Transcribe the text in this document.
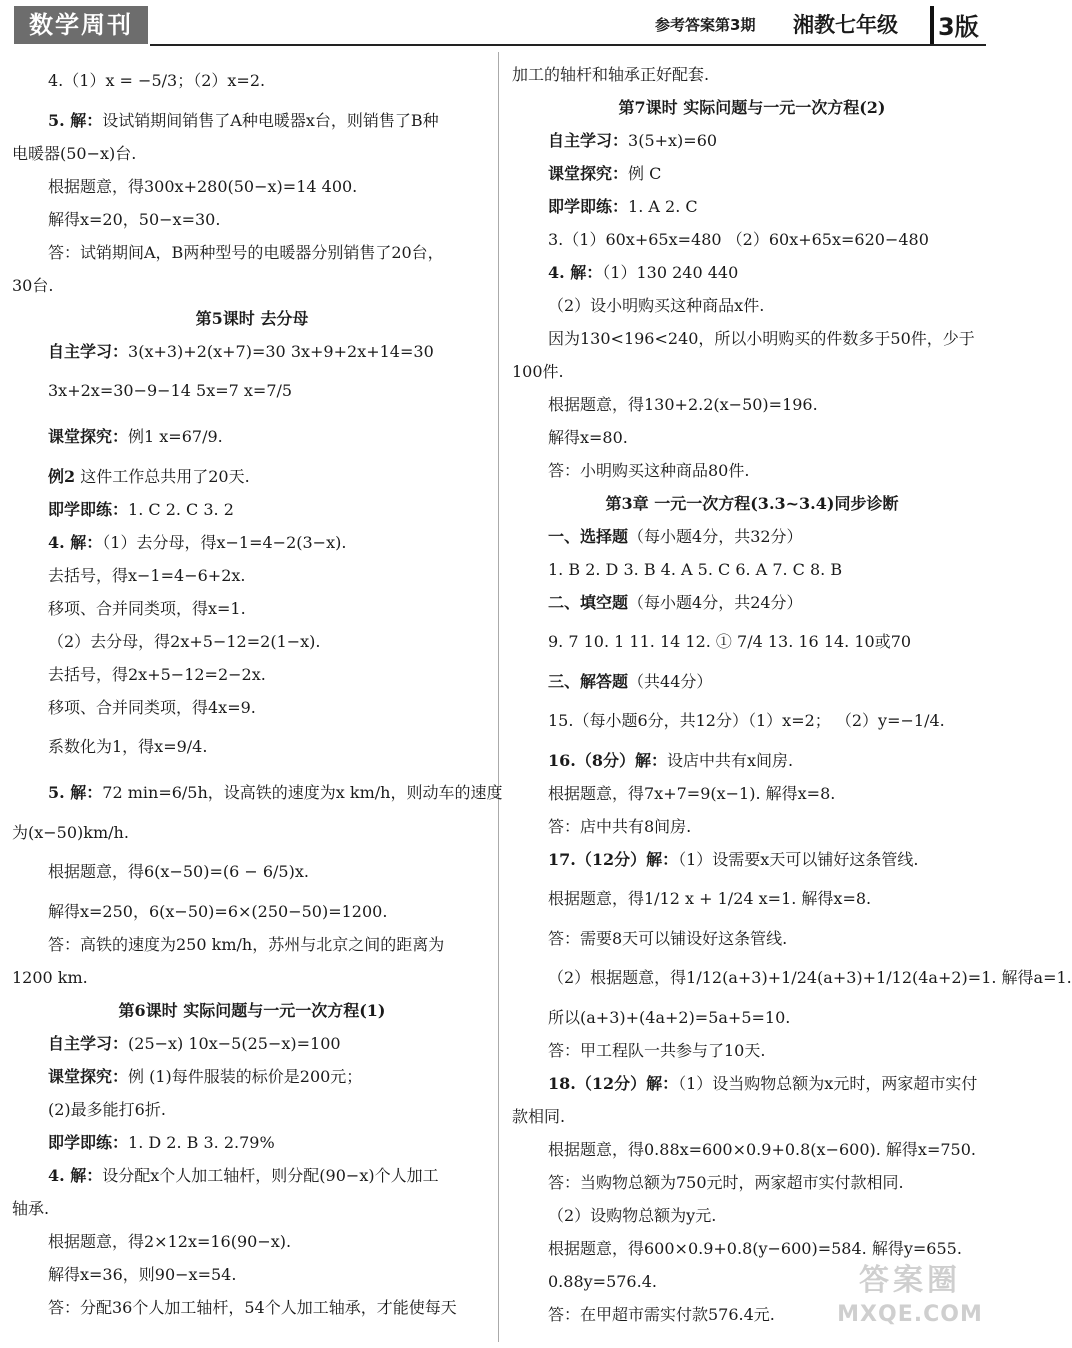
数学周刊	参考答案第3期 湘教七年级 3版
4.（1）x = −5/3；（2）x=2.
5. 解：设试销期间销售了A种电暖器x台，则销售了B种
电暖器(50−x)台.
根据题意，得300x+280(50−x)=14 400.
解得x=20，50−x=30.
答：试销期间A，B两种型号的电暖器分别销售了20台，
30台.
第5课时 去分母
自主学习：3(x+3)+2(x+7)=30 3x+9+2x+14=30
3x+2x=30−9−14 5x=7 x=7/5
课堂探究：例1 x=67/9.
例2 这件工作总共用了20天.
即学即练：1. C 2. C 3. 2
4. 解：（1）去分母，得x−1=4−2(3−x).
去括号，得x−1=4−6+2x.
移项、合并同类项，得x=1.
（2）去分母，得2x+5−12=2(1−x).
去括号，得2x+5−12=2−2x.
移项、合并同类项，得4x=9.
系数化为1，得x=9/4.
5. 解：72 min=6/5h，设高铁的速度为x km/h，则动车的速度
为(x−50)km/h.
根据题意，得6(x−50)=(6 − 6/5)x.
解得x=250，6(x−50)=6×(250−50)=1200.
答：高铁的速度为250 km/h，苏州与北京之间的距离为
1200 km.
第6课时 实际问题与一元一次方程(1)
自主学习：(25−x) 10x−5(25−x)=100
课堂探究：例 (1)每件服装的标价是200元；
(2)最多能打6折.
即学即练：1. D 2. B 3. 2.79%
4. 解：设分配x个人加工轴杆，则分配(90−x)个人加工
轴承.
根据题意，得2×12x=16(90−x).
解得x=36，则90−x=54.
答：分配36个人加工轴杆，54个人加工轴承，才能使每天
加工的轴杆和轴承正好配套.
第7课时 实际问题与一元一次方程(2)
自主学习：3(5+x)=60
课堂探究：例 C
即学即练：1. A 2. C
3.（1）60x+65x=480 （2）60x+65x=620−480
4. 解：（1）130 240 440
（2）设小明购买这种商品x件.
因为130<196<240，所以小明购买的件数多于50件，少于
100件.
根据题意，得130+2.2(x−50)=196.
解得x=80.
答：小明购买这种商品80件.
第3章 一元一次方程(3.3~3.4)同步诊断
一、选择题（每小题4分，共32分）
1. B 2. D 3. B 4. A 5. C 6. A 7. C 8. B
二、填空题（每小题4分，共24分）
9. 7 10. 1 11. 14 12. ① 7/4 13. 16 14. 10或70
三、解答题（共44分）
15.（每小题6分，共12分）（1）x=2； （2）y=−1/4.
16.（8分）解：设店中共有x间房.
根据题意，得7x+7=9(x−1). 解得x=8.
答：店中共有8间房.
17.（12分）解：（1）设需要x天可以铺好这条管线.
根据题意，得1/12 x + 1/24 x=1. 解得x=8.
答：需要8天可以铺设好这条管线.
（2）根据题意，得1/12(a+3)+1/24(a+3)+1/12(4a+2)=1. 解得a=1.
所以(a+3)+(4a+2)=5a+5=10.
答：甲工程队一共参与了10天.
18.（12分）解：（1）设当购物总额为x元时，两家超市实付
款相同.
根据题意，得0.88x=600×0.9+0.8(x−600). 解得x=750.
答：当购物总额为750元时，两家超市实付款相同.
（2）设购物总额为y元.
根据题意，得600×0.9+0.8(y−600)=584. 解得y=655.
0.88y=576.4.
答：在甲超市需实付款576.4元.
答案圈
MXQE.COM
